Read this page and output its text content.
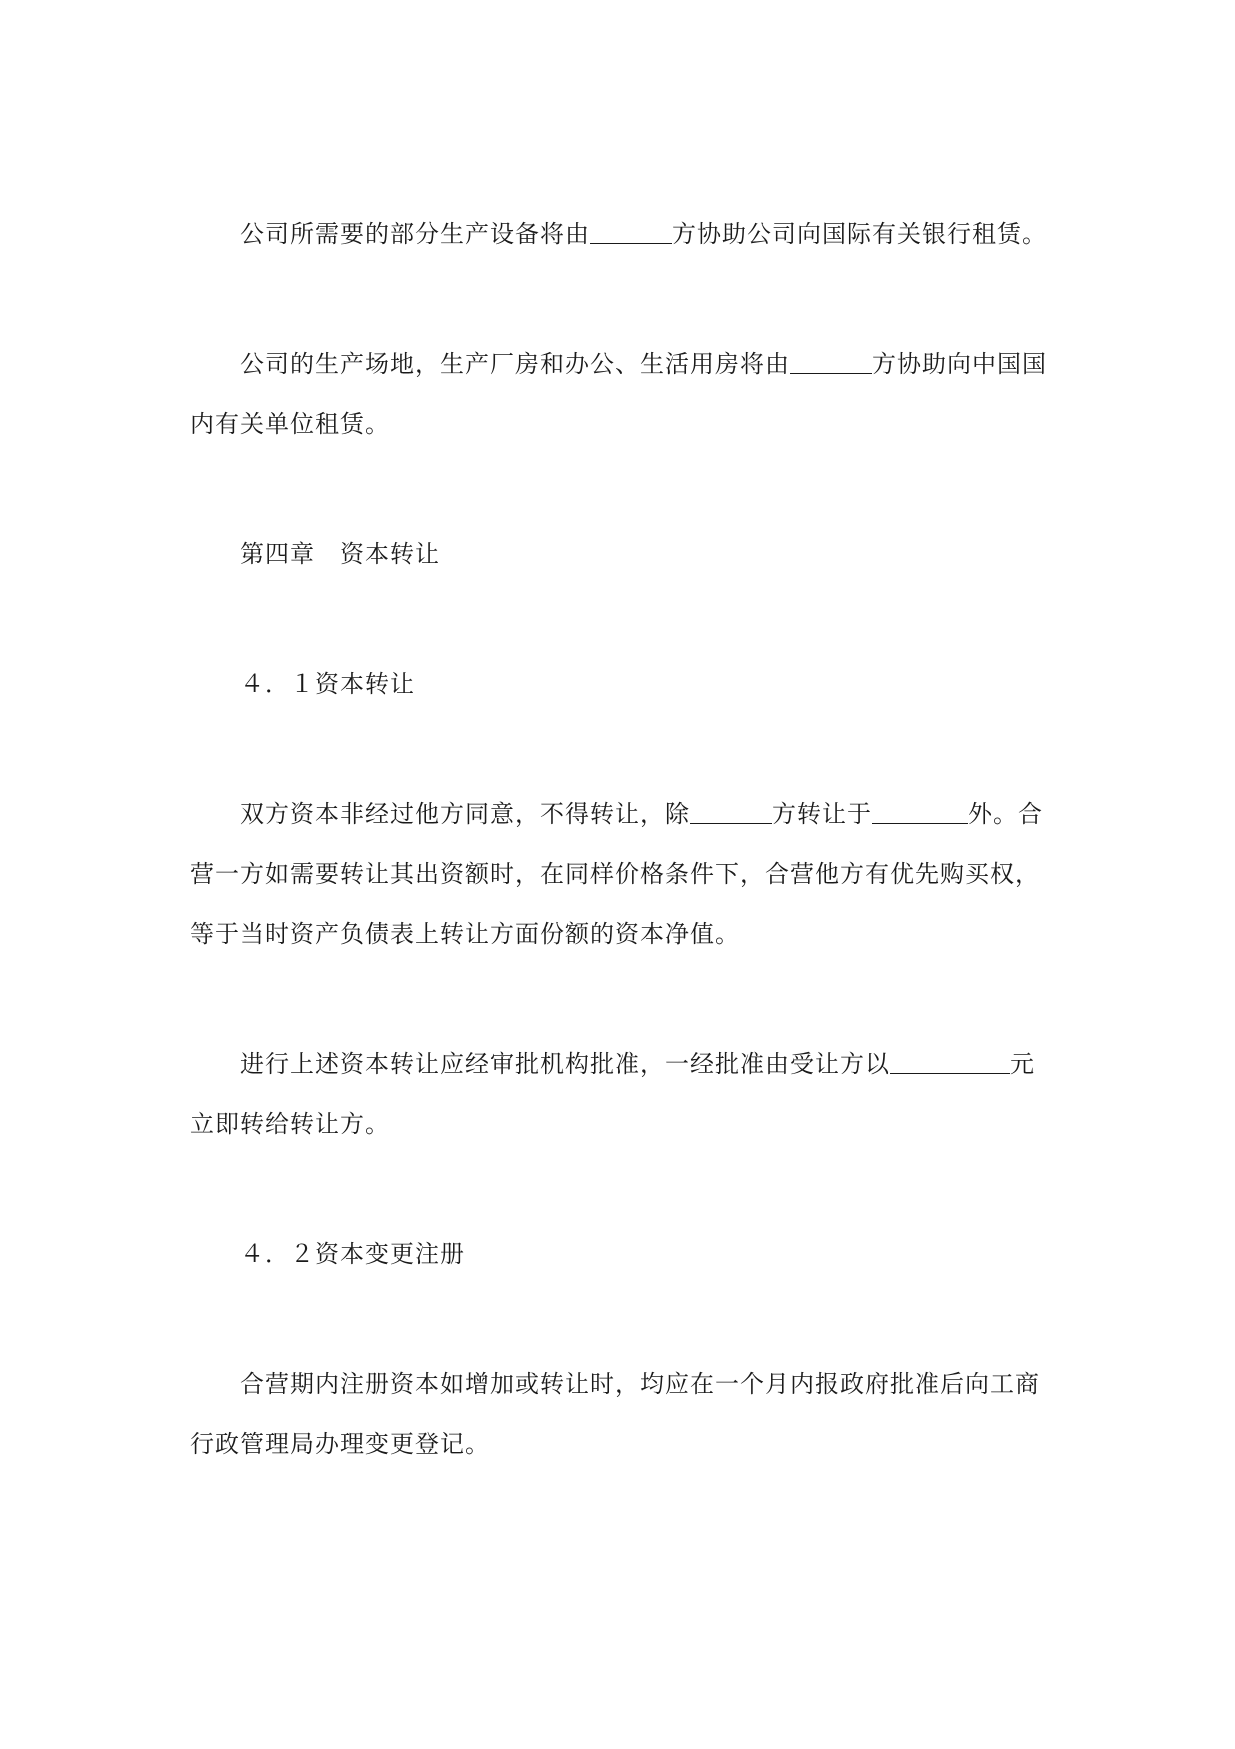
公司所需要的部分生产设备将由	方协助公司向国际有关银行租赁。
公司的生产场地，生产厂房和办公、生活用房将由	方协助向中国国
内有关单位租赁。
第四章　资本转让
４．１资本转让
双方资本非经过他方同意，不得转让，除	方转让于	外。合
营一方如需要转让其出资额时，在同样价格条件下，合营他方有优先购买权，
等于当时资产负债表上转让方面份额的资本净值。
进行上述资本转让应经审批机构批准，一经批准由受让方以	元
立即转给转让方。
４．２资本变更注册
合营期内注册资本如增加或转让时，均应在一个月内报政府批准后向工商
行政管理局办理变更登记。
